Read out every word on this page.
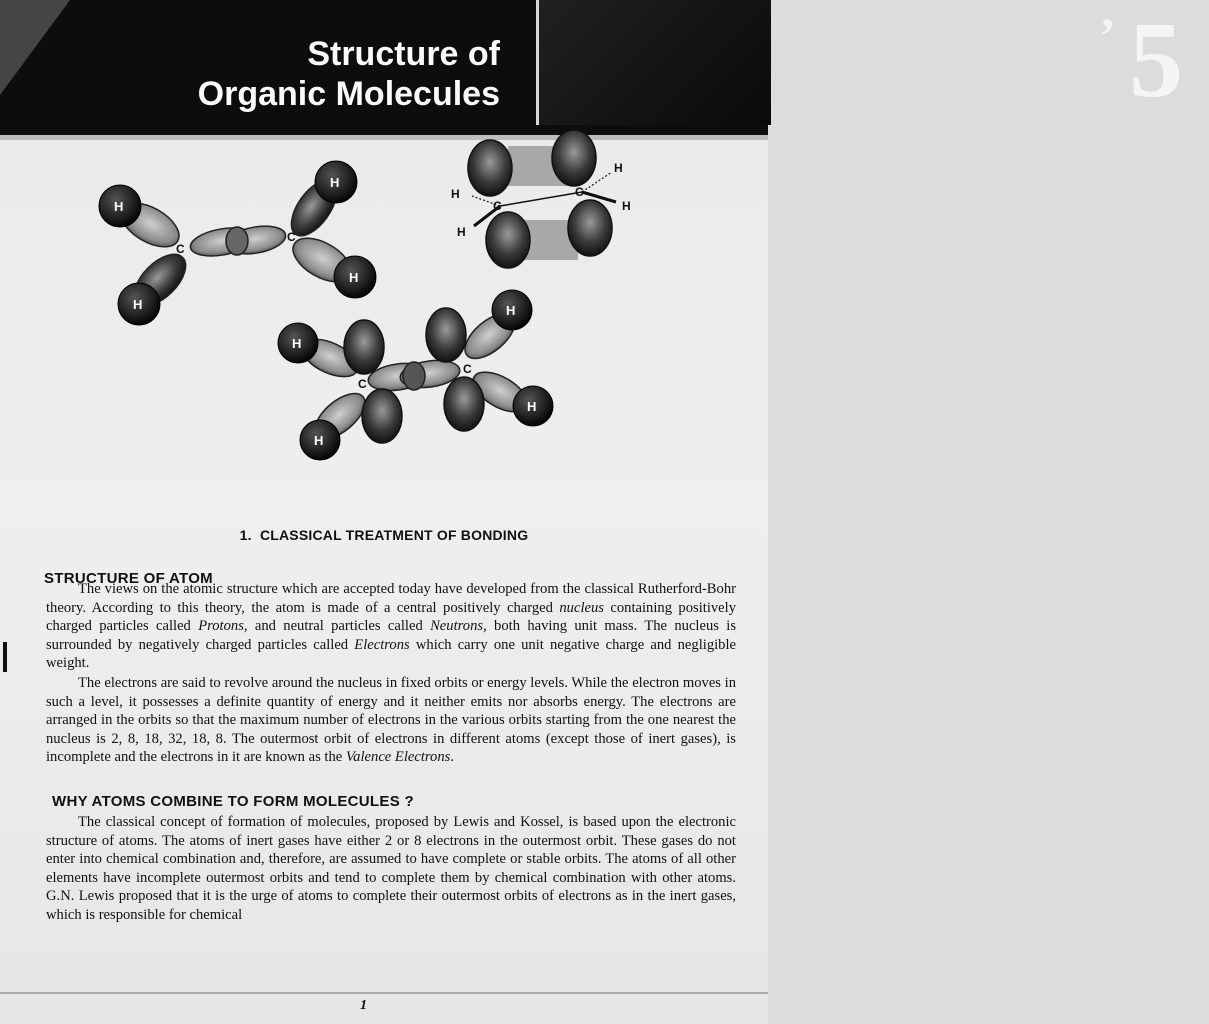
Structure of
Organic Molecules
’ 5
H
H
H
H
C
C
C
C
H
H
H
H
H
H
H
H
C
C
1. CLASSICAL TREATMENT OF BONDING
STRUCTURE OF ATOM
The views on the atomic structure which are accepted today have developed from the classical Rutherford-Bohr theory. According to this theory, the atom is made of a central positively charged nucleus containing positively charged particles called Protons, and neutral particles called Neutrons, both having unit mass. The nucleus is surrounded by negatively charged particles called Electrons which carry one unit negative charge and negligible weight.
The electrons are said to revolve around the nucleus in fixed orbits or energy levels. While the electron moves in such a level, it possesses a definite quantity of energy and it neither emits nor absorbs energy. The electrons are arranged in the orbits so that the maximum number of electrons in the various orbits starting from the one nearest the nucleus is 2, 8, 18, 32, 18, 8. The outermost orbit of electrons in different atoms (except those of inert gases), is incomplete and the electrons in it are known as the Valence Electrons.
WHY ATOMS COMBINE TO FORM MOLECULES ?
The classical concept of formation of molecules, proposed by Lewis and Kossel, is based upon the electronic structure of atoms. The atoms of inert gases have either 2 or 8 electrons in the outermost orbit. These gases do not enter into chemical combination and, therefore, are assumed to have complete or stable orbits. The atoms of all other elements have incomplete outermost orbits and tend to complete them by chemical combination with other atoms. G.N. Lewis proposed that it is the urge of atoms to complete their outermost orbits of electrons as in the inert gases, which is responsible for chemical
1
